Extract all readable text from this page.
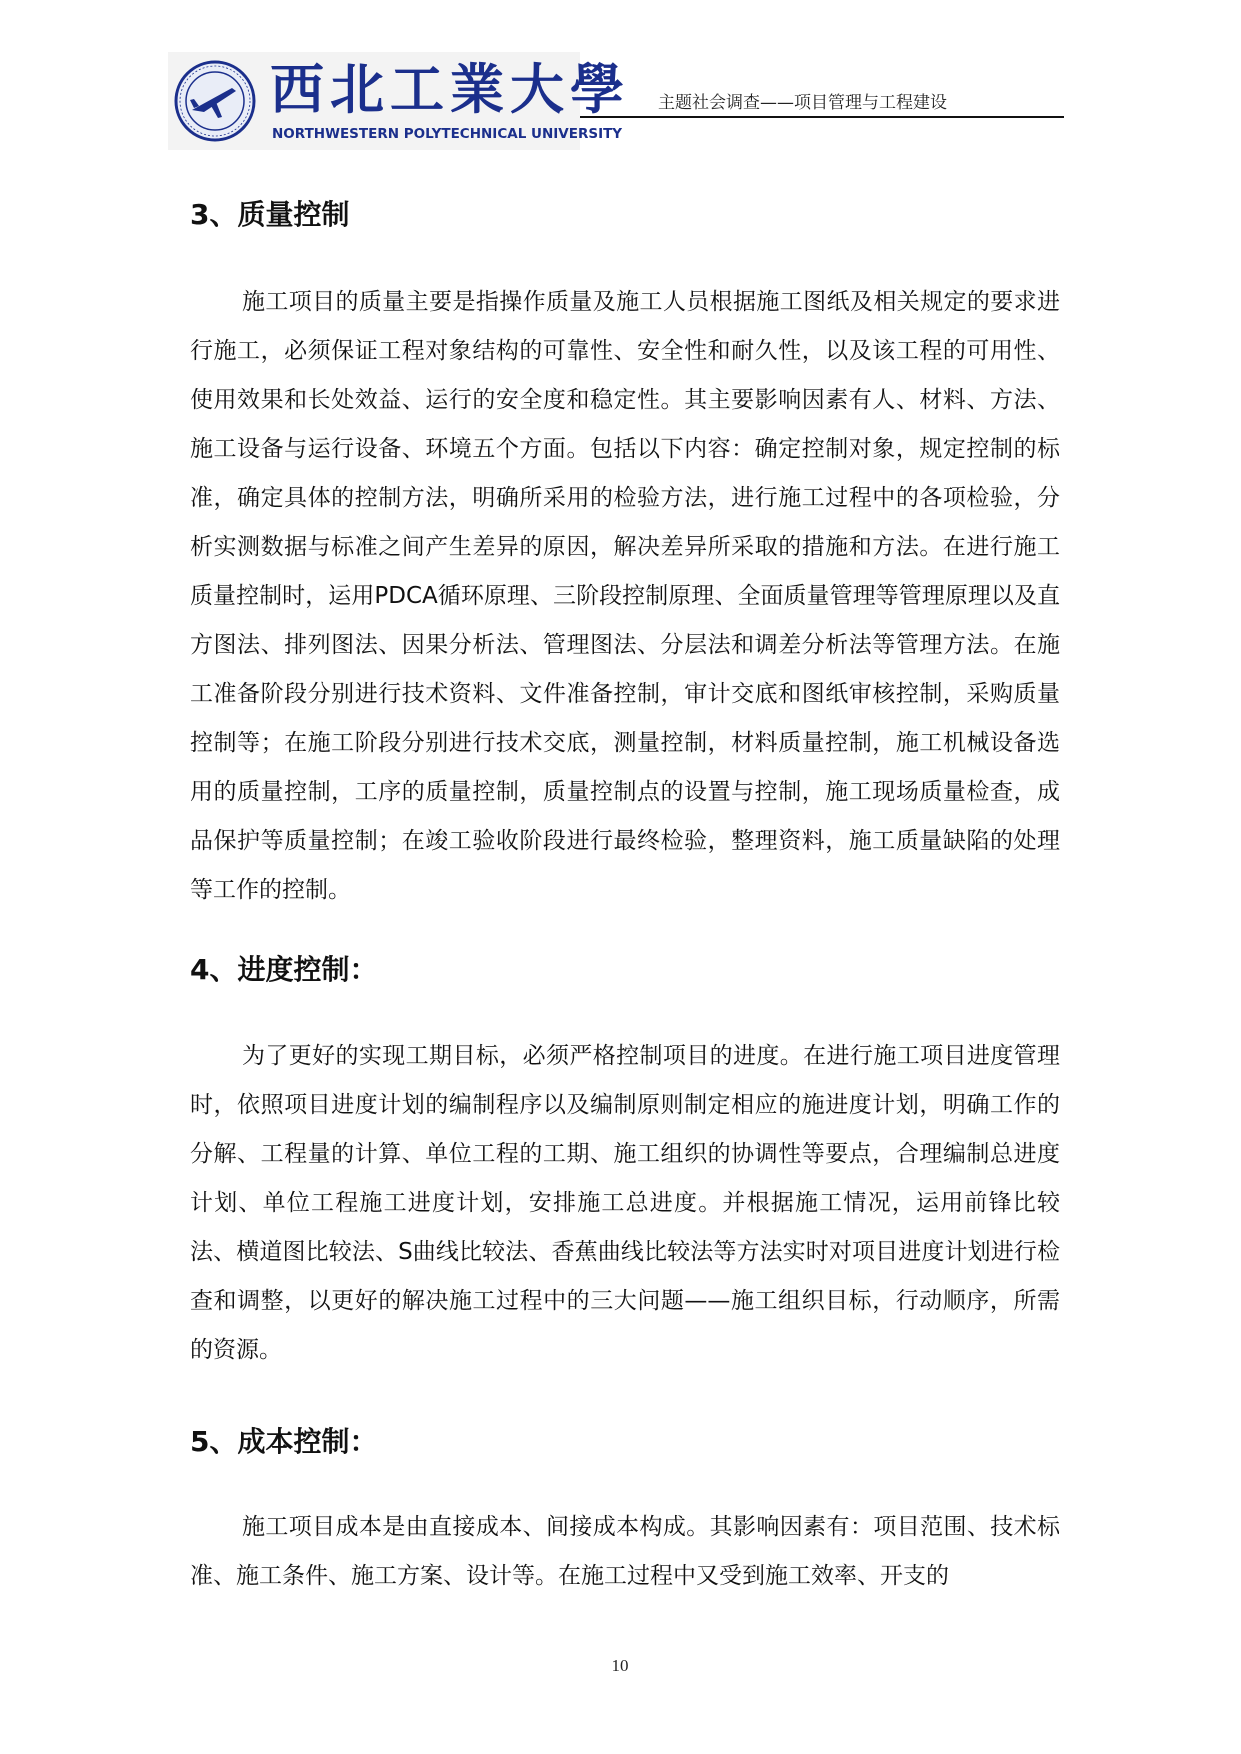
西北工業大學
NORTHWESTERN POLYTECHNICAL UNIVERSITY
主题社会调查——项目管理与工程建设
3、质量控制

施工项目的质量主要是指操作质量及施工人员根据施工图纸及相关规定的要求进行施工，必须保证工程对象结构的可靠性、安全性和耐久性，以及该工程的可用性、使用效果和长处效益、运行的安全度和稳定性。其主要影响因素有人、材料、方法、施工设备与运行设备、环境五个方面。包括以下内容：确定控制对象，规定控制的标准，确定具体的控制方法，明确所采用的检验方法，进行施工过程中的各项检验，分析实测数据与标准之间产生差异的原因，解决差异所采取的措施和方法。在进行施工质量控制时，运用PDCA循环原理、三阶段控制原理、全面质量管理等管理原理以及直方图法、排列图法、因果分析法、管理图法、分层法和调差分析法等管理方法。在施工准备阶段分别进行技术资料、文件准备控制，审计交底和图纸审核控制，采购质量控制等；在施工阶段分别进行技术交底，测量控制，材料质量控制，施工机械设备选用的质量控制，工序的质量控制，质量控制点的设置与控制，施工现场质量检查，成品保护等质量控制；在竣工验收阶段进行最终检验，整理资料，施工质量缺陷的处理等工作的控制。

4、进度控制：

为了更好的实现工期目标，必须严格控制项目的进度。在进行施工项目进度管理时，依照项目进度计划的编制程序以及编制原则制定相应的施进度计划，明确工作的分解、工程量的计算、单位工程的工期、施工组织的协调性等要点，合理编制总进度计划、单位工程施工进度计划，安排施工总进度。并根据施工情况，运用前锋比较法、横道图比较法、S曲线比较法、香蕉曲线比较法等方法实时对项目进度计划进行检查和调整，以更好的解决施工过程中的三大问题——施工组织目标，行动顺序，所需的资源。

5、成本控制：

施工项目成本是由直接成本、间接成本构成。其影响因素有：项目范围、技术标准、施工条件、施工方案、设计等。在施工过程中又受到施工效率、开支的

10
